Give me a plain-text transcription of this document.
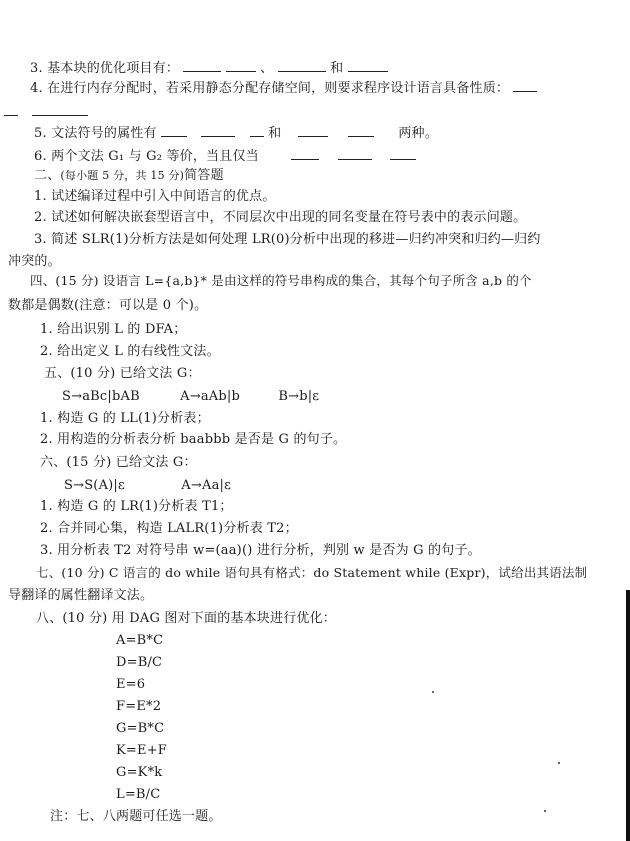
3. 基本块的优化项目有：	、	和
4. 在进行内存分配时，若采用静态分配存储空间，则要求程序设计语言具备性质：

5. 文法符号的属性有	和	两种。
6. 两个文法 G₁ 与 G₂ 等价，当且仅当
二、(每小题 5 分，共 15 分)简答题
1. 试述编译过程中引入中间语言的优点。
2. 试述如何解决嵌套型语言中，不同层次中出现的同名变量在符号表中的表示问题。
3. 简述 SLR(1)分析方法是如何处理 LR(0)分析中出现的移进—归约冲突和归约—归约
冲突的。
四、(15 分) 设语言 L={a,b}* 是由这样的符号串构成的集合，其每个句子所含 a,b 的个
数都是偶数(注意：可以是 0 个)。
1. 给出识别 L 的 DFA；
2. 给出定义 L 的右线性文法。
五、(10 分) 已给文法 G：
S→aBc|bAB	A→aAb|b	B→b|ε
1. 构造 G 的 LL(1)分析表；
2. 用构造的分析表分析 baabbb 是否是 G 的句子。
六、(15 分) 已给文法 G：
S→S(A)|ε	A→Aa|ε
1. 构造 G 的 LR(1)分析表 T1；
2. 合并同心集，构造 LALR(1)分析表 T2；
3. 用分析表 T2 对符号串 w=(aa)() 进行分析，判别 w 是否为 G 的句子。
七、(10 分) C 语言的 do while 语句具有格式：do Statement while (Expr)，试给出其语法制
导翻译的属性翻译文法。
八、(10 分) 用 DAG 图对下面的基本块进行优化：
A=B*C
D=B/C
E=6
F=E*2
G=B*C
K=E+F
G=K*k
L=B/C
注：七、八两题可任选一题。
